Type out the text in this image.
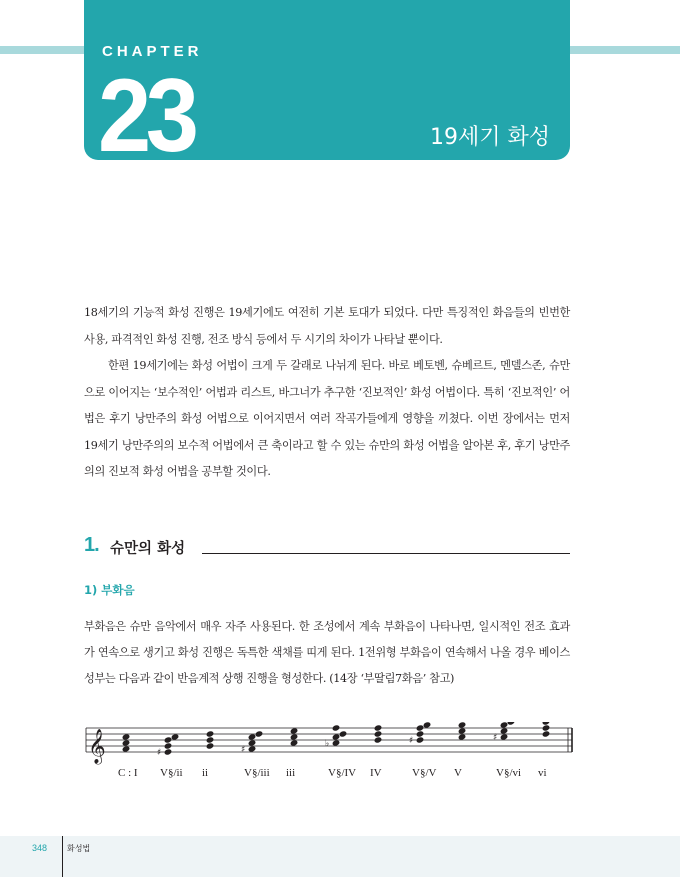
CHAPTER
23	19세기 화성

18세기의 기능적 화성 진행은 19세기에도 여전히 기본 토대가 되었다. 다만 특징적인 화음들의 빈번한 사용, 파격적인 화성 진행, 전조 방식 등에서 두 시기의 차이가 나타날 뿐이다.

한편 19세기에는 화성 어법이 크게 두 갈래로 나뉘게 된다. 바로 베토벤, 슈베르트, 멘델스존, 슈만으로 이어지는 ‘보수적인’ 어법과 리스트, 바그너가 추구한 ‘진보적인’ 화성 어법이다. 특히 ‘진보적인’ 어법은 후기 낭만주의 화성 어법으로 이어지면서 여러 작곡가들에게 영향을 끼쳤다. 이번 장에서는 먼저 19세기 낭만주의의 보수적 어법에서 큰 축이라고 할 수 있는 슈만의 화성 어법을 알아본 후, 후기 낭만주의의 진보적 화성 어법을 공부할 것이다.

1. 슈만의 화성
1) 부화음

부화음은 슈만 음악에서 매우 자주 사용된다. 한 조성에서 계속 부화음이 나타나면, 일시적인 전조 효과가 연속으로 생기고 화성 진행은 독특한 색채를 띠게 된다. 1전위형 부화음이 연속해서 나올 경우 베이스 성부는 다음과 같이 반음계적 상행 진행을 형성한다. (14장 ‘부딸림7화음’ 참고)

𝄞
C : I
♯
V§/ii ii
♯
V§/iii iii
♭
V§/IV IV
♯
V§/V V
♯
V§/vi vi
348 화성법
